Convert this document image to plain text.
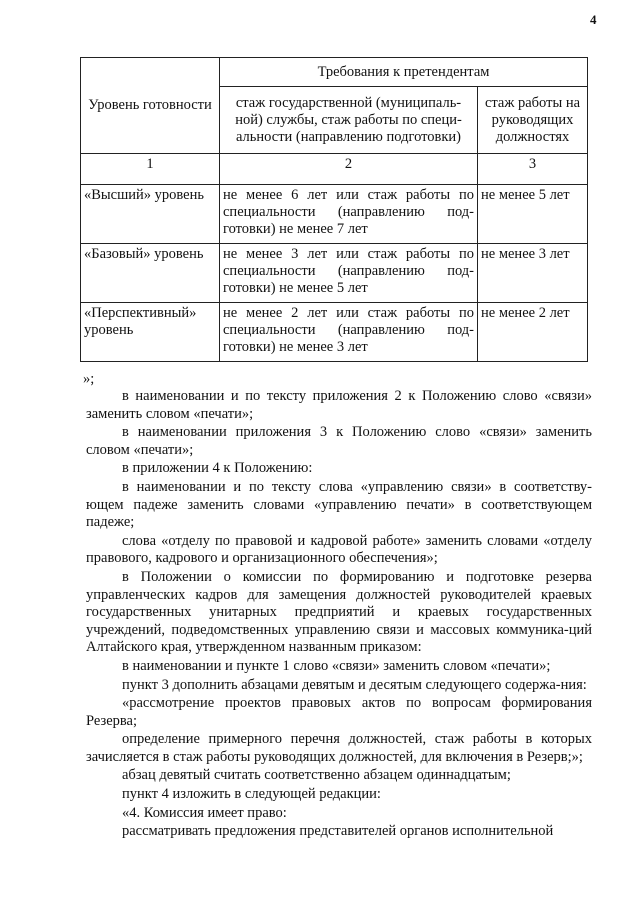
4
Уровень готовности	Требования к претендентам	
	стаж государственной (муниципаль-ной) службы, стаж работы по специ-альности (направлению подготовки)	стаж работы на руководящих должностях
1	2	3
«Высший» уровень	не менее 6 лет или стаж работы по специальности (направлению под-готовки) не менее 7 лет	не менее 5 лет
«Базовый» уровень	не менее 3 лет или стаж работы по специальности (направлению под-готовки) не менее 5 лет	не менее 3 лет
«Перспективный» уровень	не менее 2 лет или стаж работы по специальности (направлению под-готовки) не менее 3 лет	не менее 2 лет
»;

в наименовании и по тексту приложения 2 к Положению слово «связи» заменить словом «печати»;

в наименовании приложения 3 к Положению слово «связи» заменить словом «печати»;

в приложении 4 к Положению:

в наименовании и по тексту слова «управлению связи» в соответству-ющем падеже заменить словами «управлению печати» в соответствующем падеже;

слова «отделу по правовой и кадровой работе» заменить словами «отделу правового, кадрового и организационного обеспечения»;

в Положении о комиссии по формированию и подготовке резерва управленческих кадров для замещения должностей руководителей краевых государственных унитарных предприятий и краевых государственных учреждений, подведомственных управлению связи и массовых коммуника-ций Алтайского края, утвержденном названным приказом:

в наименовании и пункте 1 слово «связи» заменить словом «печати»;

пункт 3 дополнить абзацами девятым и десятым следующего содержа-ния:

«рассмотрение проектов правовых актов по вопросам формирования Резерва;

определение примерного перечня должностей, стаж работы в которых зачисляется в стаж работы руководящих должностей, для включения в Резерв;»;

абзац девятый считать соответственно абзацем одиннадцатым;

пункт 4 изложить в следующей редакции:

«4. Комиссия имеет право:

рассматривать предложения представителей органов исполнительной
